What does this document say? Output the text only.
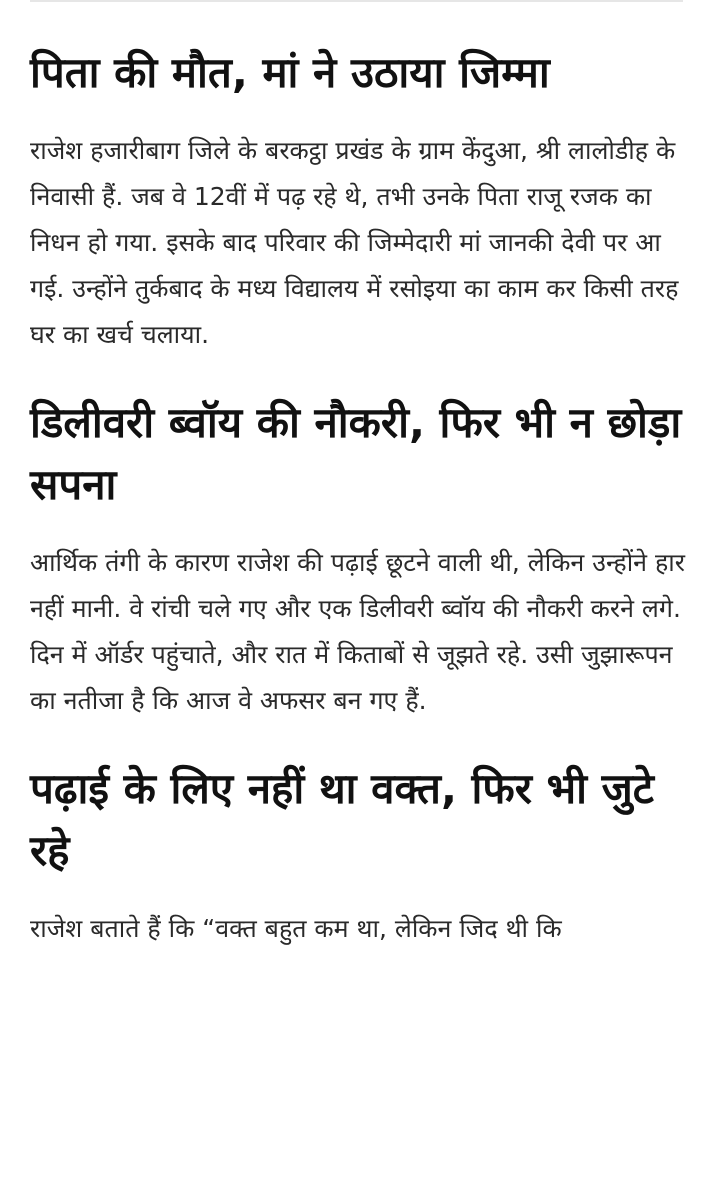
पिता की मौत, मां ने उठाया जिम्मा

राजेश हजारीबाग जिले के बरकट्ठा प्रखंड के ग्राम केंदुआ, श्री लालोडीह के निवासी हैं. जब वे 12वीं में पढ़ रहे थे, तभी उनके पिता राजू रजक का निधन हो गया. इसके बाद परिवार की जिम्मेदारी मां जानकी देवी पर आ गई. उन्होंने तुर्कबाद के मध्य विद्यालय में रसोइया का काम कर किसी तरह घर का खर्च चलाया.

डिलीवरी ब्वॉय की नौकरी, फिर भी न छोड़ा सपना

आर्थिक तंगी के कारण राजेश की पढ़ाई छूटने वाली थी, लेकिन उन्होंने हार नहीं मानी. वे रांची चले गए और एक डिलीवरी ब्वॉय की नौकरी करने लगे. दिन में ऑर्डर पहुंचाते, और रात में किताबों से जूझते रहे. उसी जुझारूपन का नतीजा है कि आज वे अफसर बन गए हैं.

पढ़ाई के लिए नहीं था वक्त, फिर भी जुटे रहे

राजेश बताते हैं कि “वक्त बहुत कम था, लेकिन जिद थी कि
